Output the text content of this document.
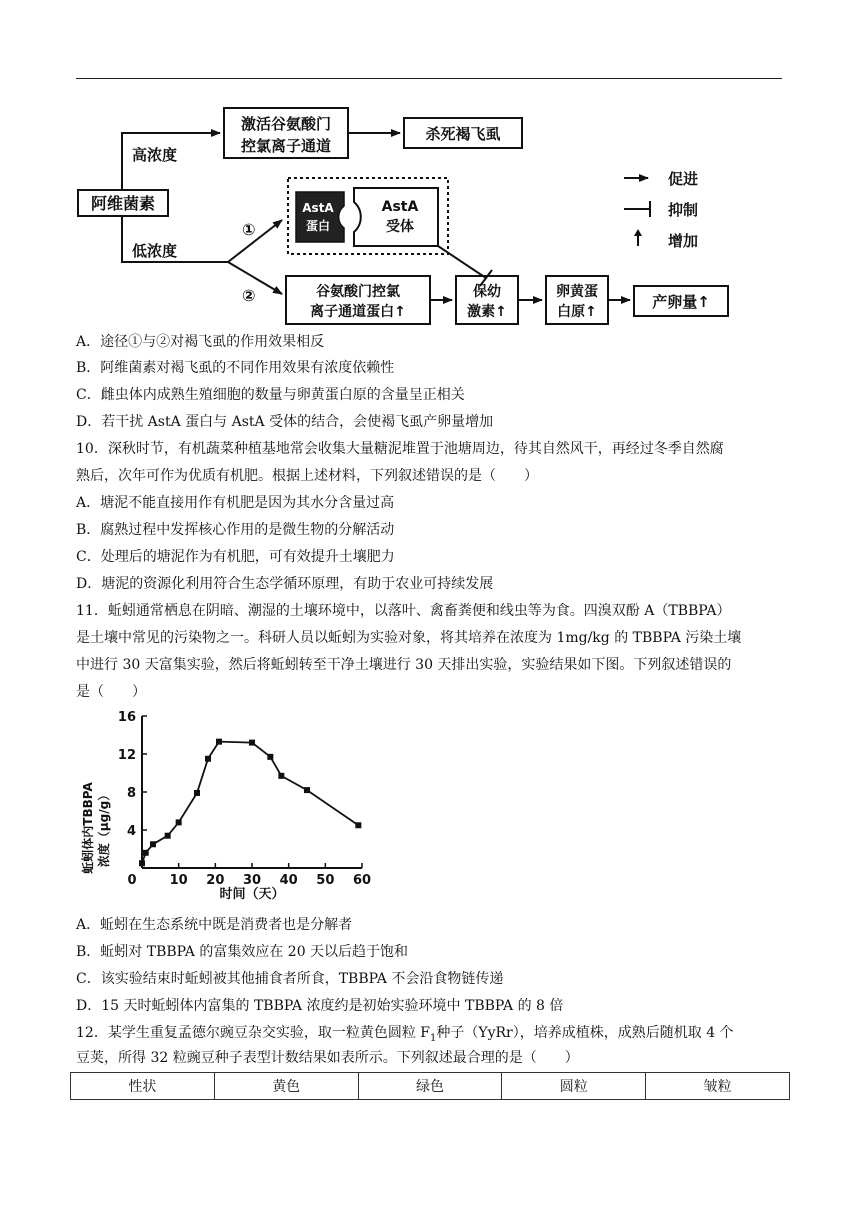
阿维菌素
高浓度
低浓度
激活谷氨酸门
控氯离子通道
杀死褐飞虱
①
②
AstA
蛋白
AstA
受体
谷氨酸门控氯
离子通道蛋白↑
保幼
激素↑
卵黄蛋
白原↑
产卵量↑
促进
抑制
增加
A．途径①与②对褐飞虱的作用效果相反
B．阿维菌素对褐飞虱的不同作用效果有浓度依赖性
C．雌虫体内成熟生殖细胞的数量与卵黄蛋白原的含量呈正相关
D．若干扰 AstA 蛋白与 AstA 受体的结合，会使褐飞虱产卵量增加
10．深秋时节，有机蔬菜种植基地常会收集大量糖泥堆置于池塘周边，待其自然风干，再经过冬季自然腐
熟后，次年可作为优质有机肥。根据上述材料，下列叙述错误的是（　　）
A．塘泥不能直接用作有机肥是因为其水分含量过高
B．腐熟过程中发挥核心作用的是微生物的分解活动
C．处理后的塘泥作为有机肥，可有效提升土壤肥力
D．塘泥的资源化利用符合生态学循环原理，有助于农业可持续发展
11．蚯蚓通常栖息在阴暗、潮湿的土壤环境中，以落叶、禽畜粪便和线虫等为食。四溴双酚 A（TBBPA）
是土壤中常见的污染物之一。科研人员以蚯蚓为实验对象，将其培养在浓度为 1mg/kg 的 TBBPA 污染土壤
中进行 30 天富集实验，然后将蚯蚓转至干净土壤进行 30 天排出实验，实验结果如下图。下列叙述错误的
是（　　）
蚯蚓体内TBBPA 浓度（μg/g）
时间（天）
0	10 20 30 40 50 60
4
8
12
16
A．蚯蚓在生态系统中既是消费者也是分解者
B．蚯蚓对 TBBPA 的富集效应在 20 天以后趋于饱和
C．该实验结束时蚯蚓被其他捕食者所食，TBBPA 不会沿食物链传递
D．15 天时蚯蚓体内富集的 TBBPA 浓度约是初始实验环境中 TBBPA 的 8 倍
12．某学生重复孟德尔豌豆杂交实验，取一粒黄色圆粒 $F_1$种子（YyRr），培养成植株，成熟后随机取 4 个
豆荚，所得 32 粒豌豆种子表型计数结果如表所示。下列叙述最合理的是（　　）
性状	黄色	绿色	圆粒	皱粒
